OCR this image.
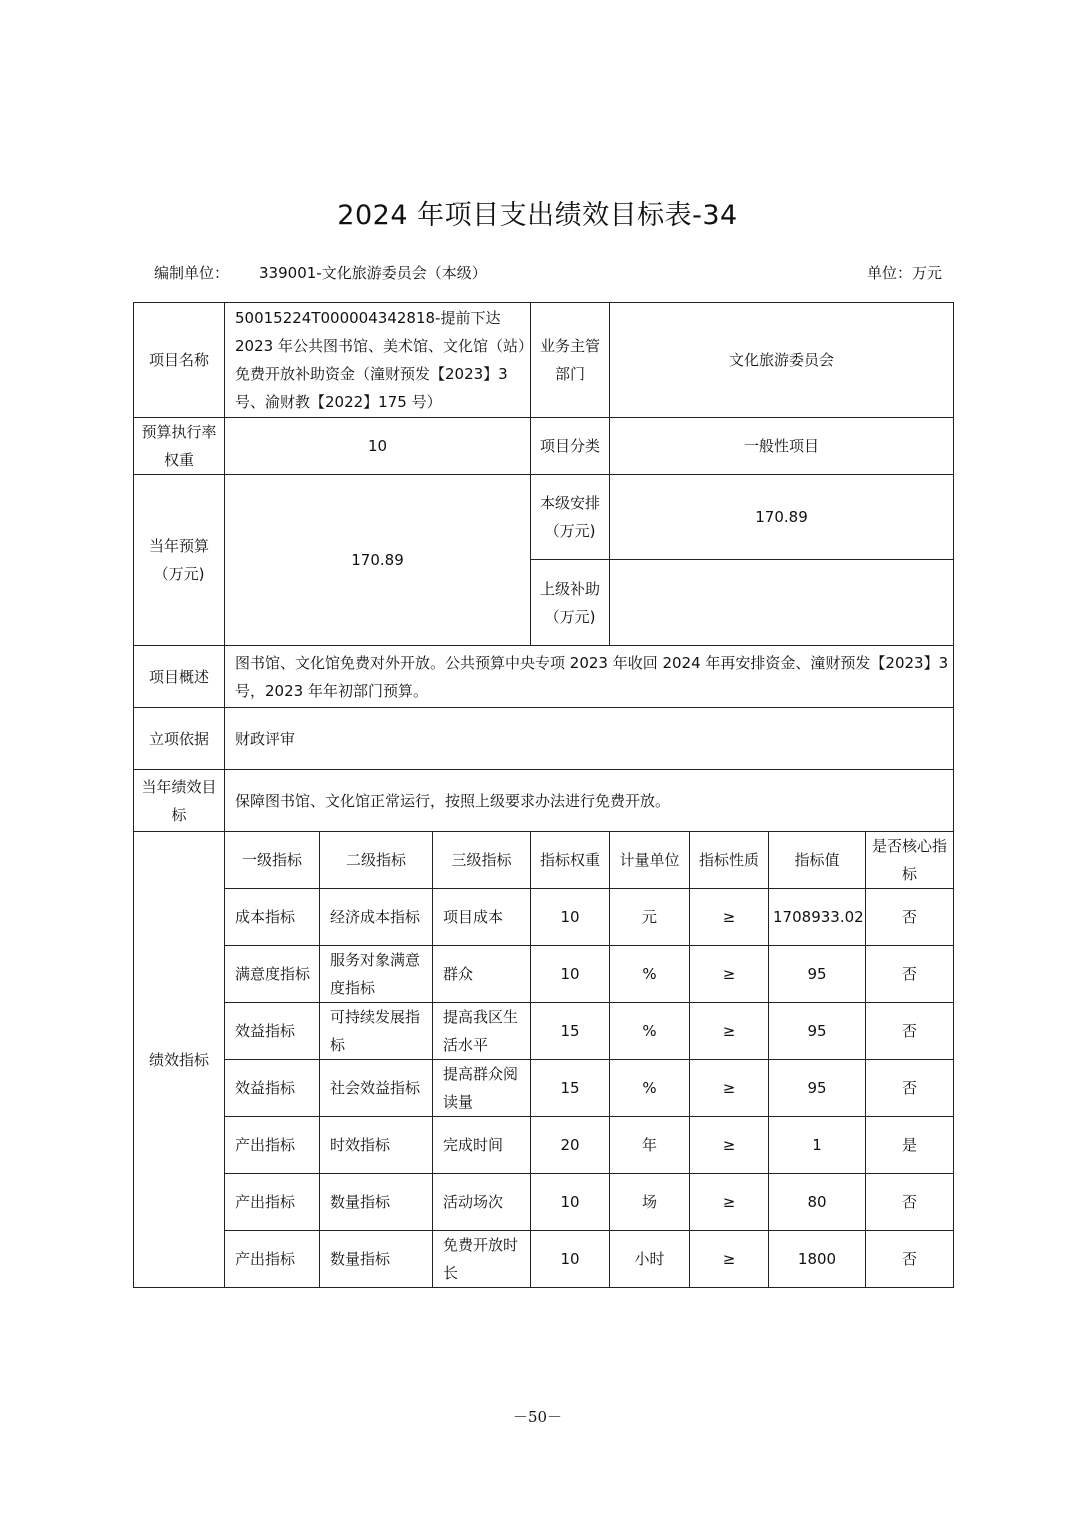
2024 年项目支出绩效目标表-34
编制单位： 339001-文化旅游委员会（本级）	单位：万元
项目名称	50015224T000004342818-提前下达 2023 年公共图书馆、美术馆、文化馆（站）免费开放补助资金（潼财预发【2023】3 号、渝财教【2022】175 号）			业务主管部门	文化旅游委员会			
预算执行率权重	10			项目分类	一般性项目			
当年预算（万元)	170.89			本级安排（万元)	170.89			
				上级补助（万元)				
项目概述	图书馆、文化馆免费对外开放。公共预算中央专项 2023 年收回 2024 年再安排资金、潼财预发【2023】3 号，2023 年年初部门预算。							
立项依据	财政评审							
当年绩效目标	保障图书馆、文化馆正常运行，按照上级要求办法进行免费开放。							
绩效指标	一级指标	二级指标	三级指标	指标权重	计量单位	指标性质	指标值	是否核心指标
	成本指标	经济成本指标	项目成本	10	元	≥	1708933.02	否
	满意度指标	服务对象满意度指标	群众	10	%	≥	95	否
	效益指标	可持续发展指标	提高我区生活水平	15	%	≥	95	否
	效益指标	社会效益指标	提高群众阅读量	15	%	≥	95	否
	产出指标	时效指标	完成时间	20	年	≥	1	是
	产出指标	数量指标	活动场次	10	场	≥	80	否
	产出指标	数量指标	免费开放时长	10	小时	≥	1800	否
－50－
